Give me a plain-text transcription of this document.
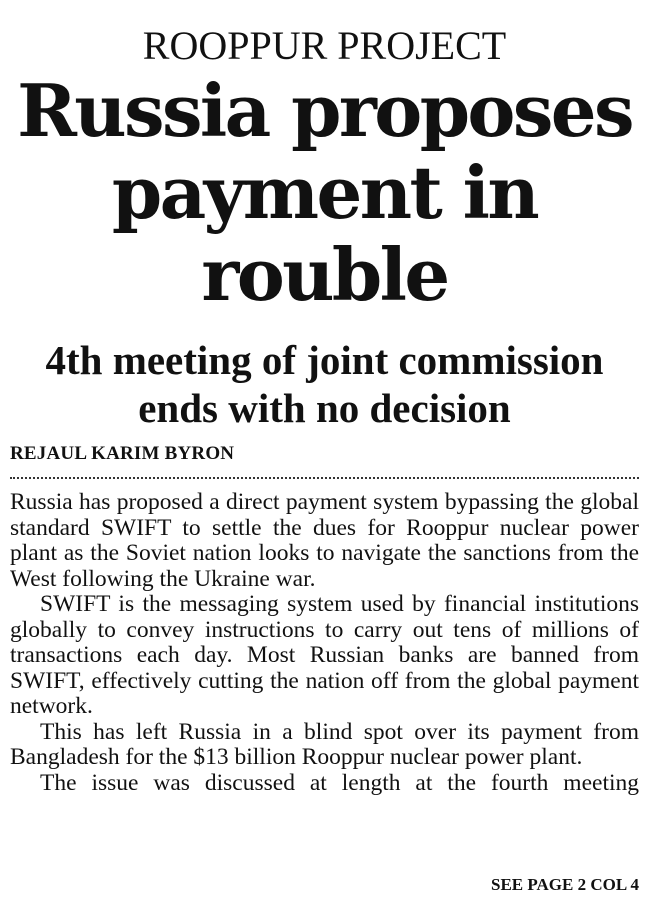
ROOPPUR PROJECT
Russia proposes
payment in
rouble
4th meeting of joint commission
ends with no decision
REJAUL KARIM BYRON

Russia has proposed a direct payment system bypassing the global standard SWIFT to settle the dues for Rooppur nuclear power plant as the Soviet nation looks to navigate the sanctions from the West following the Ukraine war.

SWIFT is the messaging system used by financial institutions globally to convey instructions to carry out tens of millions of transactions each day. Most Russian banks are banned from SWIFT, effectively cutting the nation off from the global payment network.

This has left Russia in a blind spot over its payment from Bangladesh for the $13 billion Rooppur nuclear power plant.

The issue was discussed at length at the fourth meeting

SEE PAGE 2 COL 4
